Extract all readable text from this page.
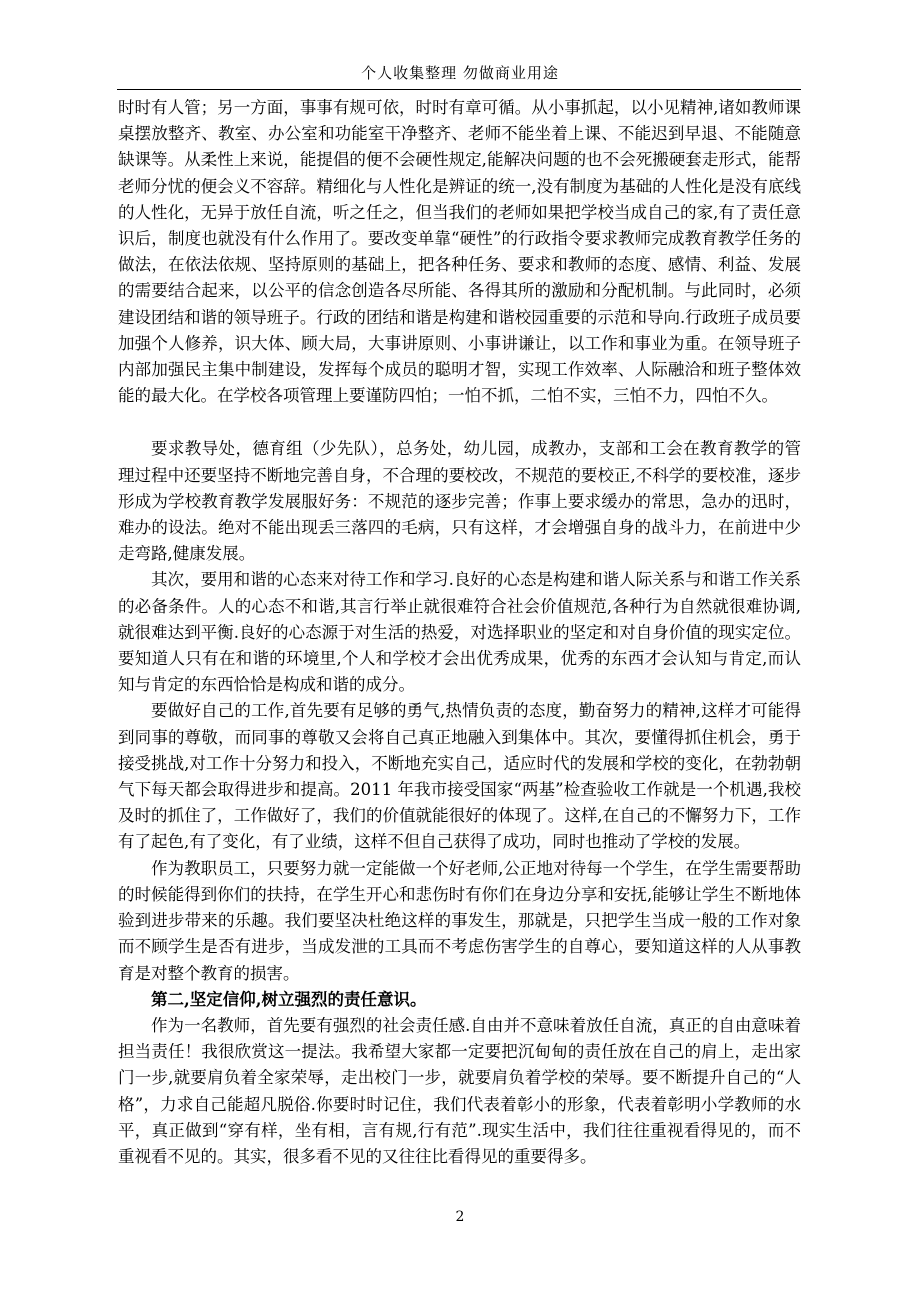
个人收集整理 勿做商业用途

时时有人管；另一方面，事事有规可依，时时有章可循。从小事抓起，以小见精神,诸如教师课桌摆放整齐、教室、办公室和功能室干净整齐、老师不能坐着上课、不能迟到早退、不能随意缺课等。从柔性上来说，能提倡的便不会硬性规定,能解决问题的也不会死搬硬套走形式，能帮老师分忧的便会义不容辞。精细化与人性化是辨证的统一,没有制度为基础的人性化是没有底线的人性化，无异于放任自流，听之任之，但当我们的老师如果把学校当成自己的家,有了责任意识后，制度也就没有什么作用了。要改变单靠“硬性”的行政指令要求教师完成教育教学任务的做法，在依法依规、坚持原则的基础上，把各种任务、要求和教师的态度、感情、利益、发展的需要结合起来，以公平的信念创造各尽所能、各得其所的激励和分配机制。与此同时，必须建设团结和谐的领导班子。行政的团结和谐是构建和谐校园重要的示范和导向.行政班子成员要加强个人修养，识大体、顾大局，大事讲原则、小事讲谦让，以工作和事业为重。在领导班子内部加强民主集中制建设，发挥每个成员的聪明才智，实现工作效率、人际融洽和班子整体效能的最大化。在学校各项管理上要谨防四怕；一怕不抓，二怕不实，三怕不力，四怕不久。

要求教导处，德育组（少先队），总务处，幼儿园，成教办，支部和工会在教育教学的管理过程中还要坚持不断地完善自身，不合理的要校改，不规范的要校正,不科学的要校准，逐步形成为学校教育教学发展服好务：不规范的逐步完善；作事上要求缓办的常思，急办的迅时，难办的设法。绝对不能出现丢三落四的毛病，只有这样，才会增强自身的战斗力，在前进中少走弯路,健康发展。

其次，要用和谐的心态来对待工作和学习.良好的心态是构建和谐人际关系与和谐工作关系的必备条件。人的心态不和谐,其言行举止就很难符合社会价值规范,各种行为自然就很难协调,就很难达到平衡.良好的心态源于对生活的热爱，对选择职业的坚定和对自身价值的现实定位。要知道人只有在和谐的环境里,个人和学校才会出优秀成果，优秀的东西才会认知与肯定,而认知与肯定的东西恰恰是构成和谐的成分。

要做好自己的工作,首先要有足够的勇气,热情负责的态度，勤奋努力的精神,这样才可能得到同事的尊敬，而同事的尊敬又会将自己真正地融入到集体中。其次，要懂得抓住机会，勇于接受挑战,对工作十分努力和投入，不断地充实自己，适应时代的发展和学校的变化，在勃勃朝气下每天都会取得进步和提高。2011 年我市接受国家“两基”检查验收工作就是一个机遇,我校及时的抓住了，工作做好了，我们的价值就能很好的体现了。这样,在自己的不懈努力下，工作有了起色,有了变化，有了业绩，这样不但自己获得了成功，同时也推动了学校的发展。

作为教职员工，只要努力就一定能做一个好老师,公正地对待每一个学生，在学生需要帮助的时候能得到你们的扶持，在学生开心和悲伤时有你们在身边分享和安抚,能够让学生不断地体验到进步带来的乐趣。我们要坚决杜绝这样的事发生，那就是，只把学生当成一般的工作对象而不顾学生是否有进步，当成发泄的工具而不考虑伤害学生的自尊心，要知道这样的人从事教育是对整个教育的损害。

第二,坚定信仰,树立强烈的责任意识。

作为一名教师，首先要有强烈的社会责任感.自由并不意味着放任自流，真正的自由意味着担当责任！我很欣赏这一提法。我希望大家都一定要把沉甸甸的责任放在自己的肩上，走出家门一步,就要肩负着全家荣辱，走出校门一步，就要肩负着学校的荣辱。要不断提升自己的“人格”，力求自己能超凡脱俗.你要时时记住，我们代表着彰小的形象，代表着彰明小学教师的水平，真正做到“穿有样，坐有相，言有规,行有范”.现实生活中，我们往往重视看得见的，而不重视看不见的。其实，很多看不见的又往往比看得见的重要得多。

2
